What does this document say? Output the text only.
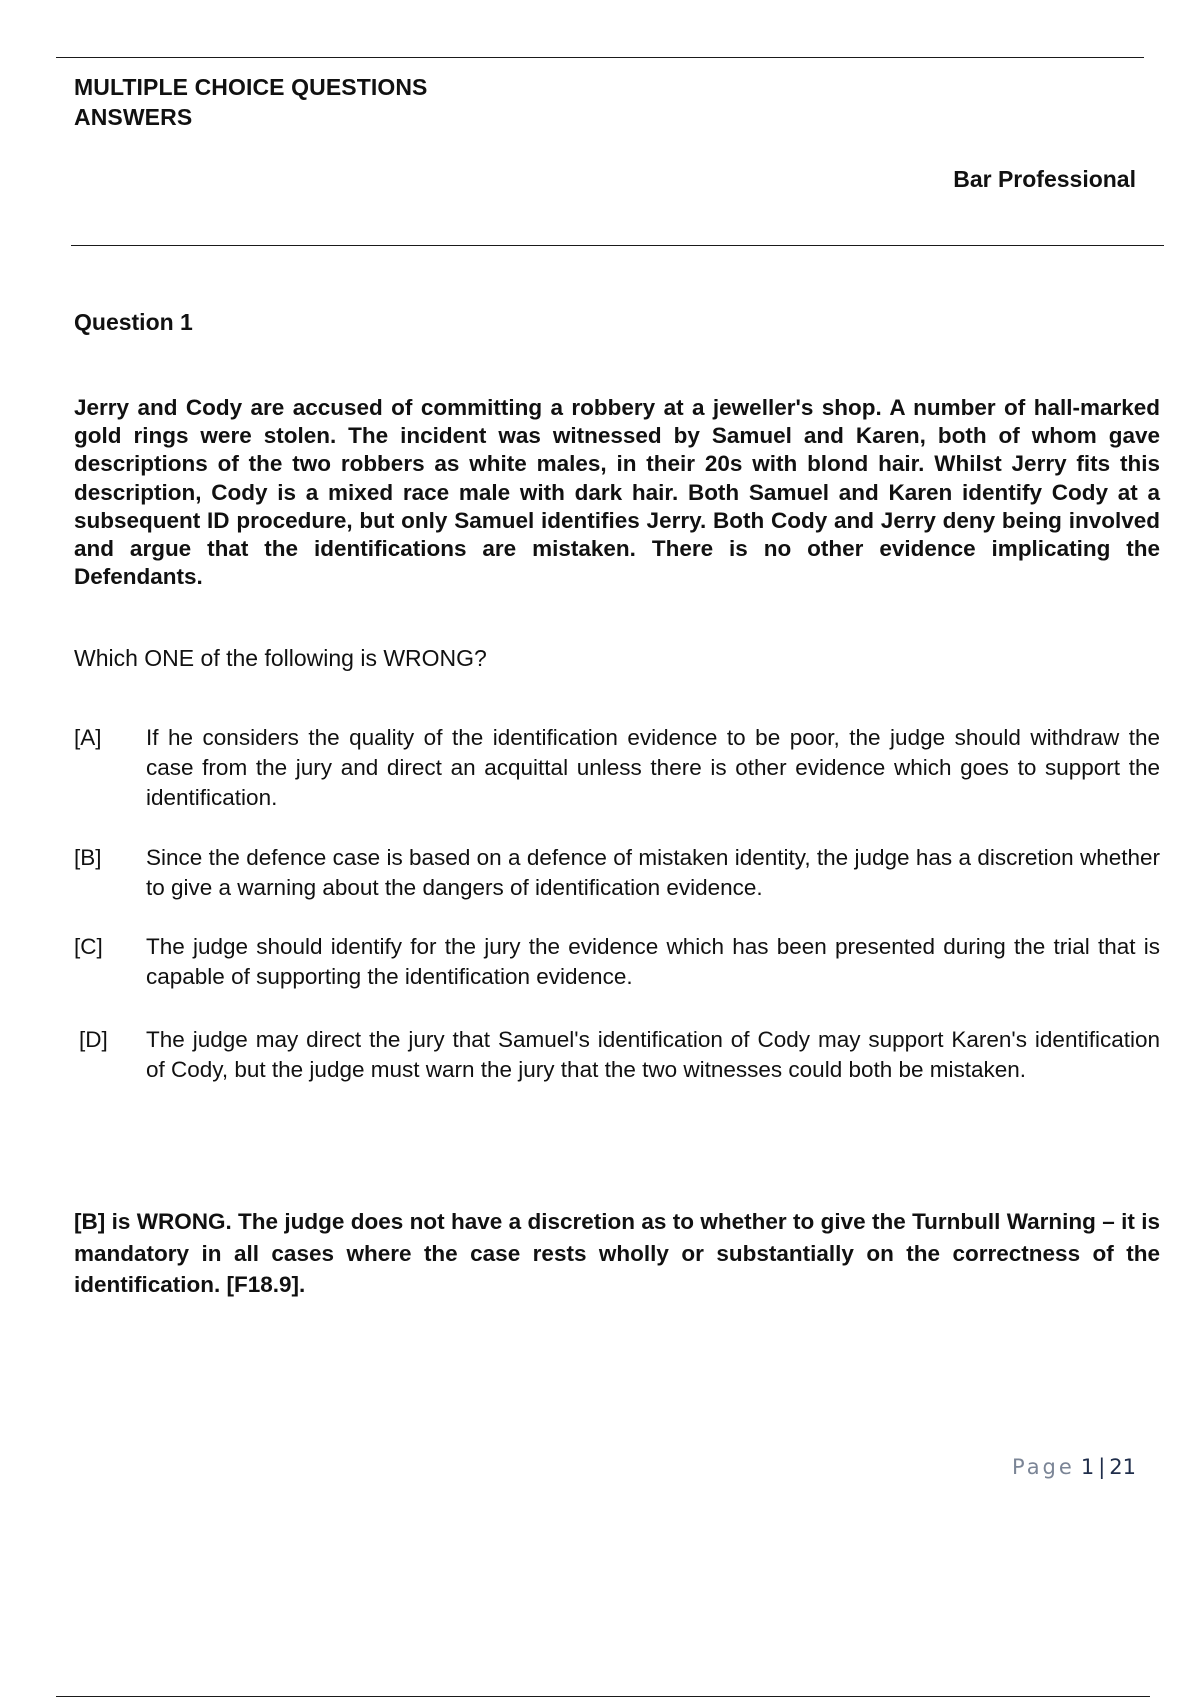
MULTIPLE CHOICE QUESTIONS
ANSWERS
Bar Professional
Question 1

Jerry and Cody are accused of committing a robbery at a jeweller's shop. A number of hall-marked gold rings were stolen. The incident was witnessed by Samuel and Karen, both of whom gave descriptions of the two robbers as white males, in their 20s with blond hair. Whilst Jerry fits this description, Cody is a mixed race male with dark hair. Both Samuel and Karen identify Cody at a subsequent ID procedure, but only Samuel identifies Jerry. Both Cody and Jerry deny being involved and argue that the identifications are mistaken. There is no other evidence implicating the Defendants.

Which ONE of the following is WRONG?
[A] If he considers the quality of the identification evidence to be poor, the judge should withdraw the case from the jury and direct an acquittal unless there is other evidence which goes to support the identification.
[B] Since the defence case is based on a defence of mistaken identity, the judge has a discretion whether to give a warning about the dangers of identification evidence.
[C] The judge should identify for the jury the evidence which has been presented during the trial that is capable of supporting the identification evidence.
[D] The judge may direct the jury that Samuel's identification of Cody may support Karen's identification of Cody, but the judge must warn the jury that the two witnesses could both be mistaken.

[B] is WRONG. The judge does not have a discretion as to whether to give the Turnbull Warning – it is mandatory in all cases where the case rests wholly or substantially on the correctness of the identification. [F18.9].

Page 1 | 21
